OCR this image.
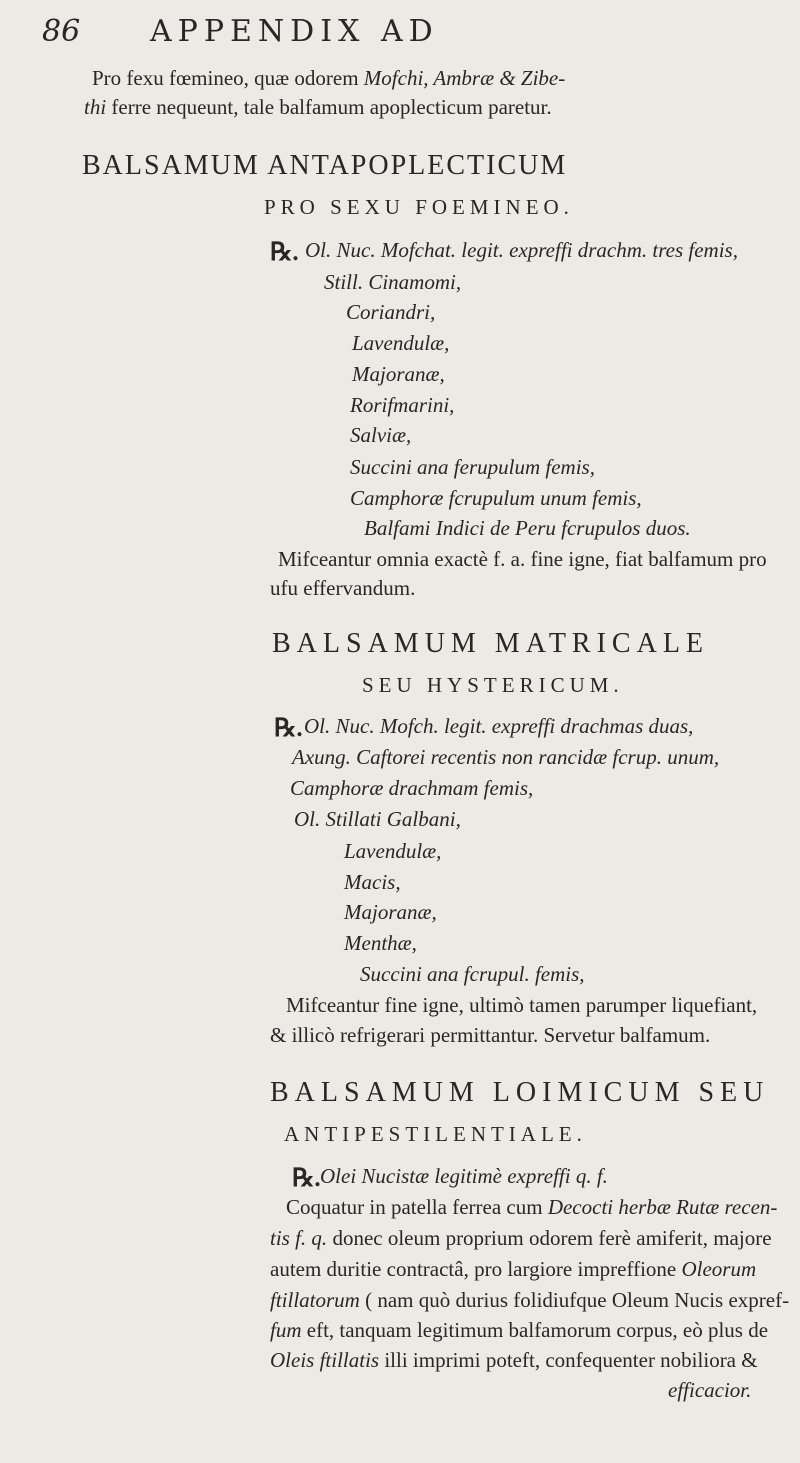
86 APPENDIX AD
Pro fexu fœmineo, quæ odorem Mofchi, Ambræ & Zibe-
thi ferre nequeunt, tale balfamum apoplecticum paretur.
BALSAMUM ANTAPOPLECTICUM
PRO SEXU FOEMINEO.
℞. Ol. Nuc. Mofchat. legit. expreffi drachm. tres femis,
Still. Cinamomi,
Coriandri,
Lavendulæ,
Majoranæ,
Rorifmarini,
Salviæ,
Succini ana ferupulum femis,
Camphoræ fcrupulum unum femis,
Balfami Indici de Peru fcrupulos duos.
Mifceantur omnia exactè f. a. fine igne, fiat balfamum pro
ufu effervandum.
BALSAMUM MATRICALE
SEU HYSTERICUM.
℞. Ol. Nuc. Mofch. legit. expreffi drachmas duas,
Axung. Caftorei recentis non rancidæ fcrup. unum,
Camphoræ drachmam femis,
Ol. Stillati Galbani,
Lavendulæ,
Macis,
Majoranæ,
Menthæ,
Succini ana fcrupul. femis,
Mifceantur fine igne, ultimò tamen parumper liquefiant,
& illicò refrigerari permittantur. Servetur balfamum.
BALSAMUM LOIMICUM SEU
ANTIPESTILENTIALE.
℞. Olei Nucistæ legitimè expreffi q. f.
Coquatur in patella ferrea cum Decocti herbæ Rutæ recen-
tis f. q. donec oleum proprium odorem ferè amiferit, majore
autem duritie contractâ, pro largiore impreffione Oleorum
ftillatorum ( nam quò durius folidiufque Oleum Nucis expref-
fum eft, tanquam legitimum balfamorum corpus, eò plus de
Oleis ftillatis illi imprimi poteft, confequenter nobiliora &
efficacior.
